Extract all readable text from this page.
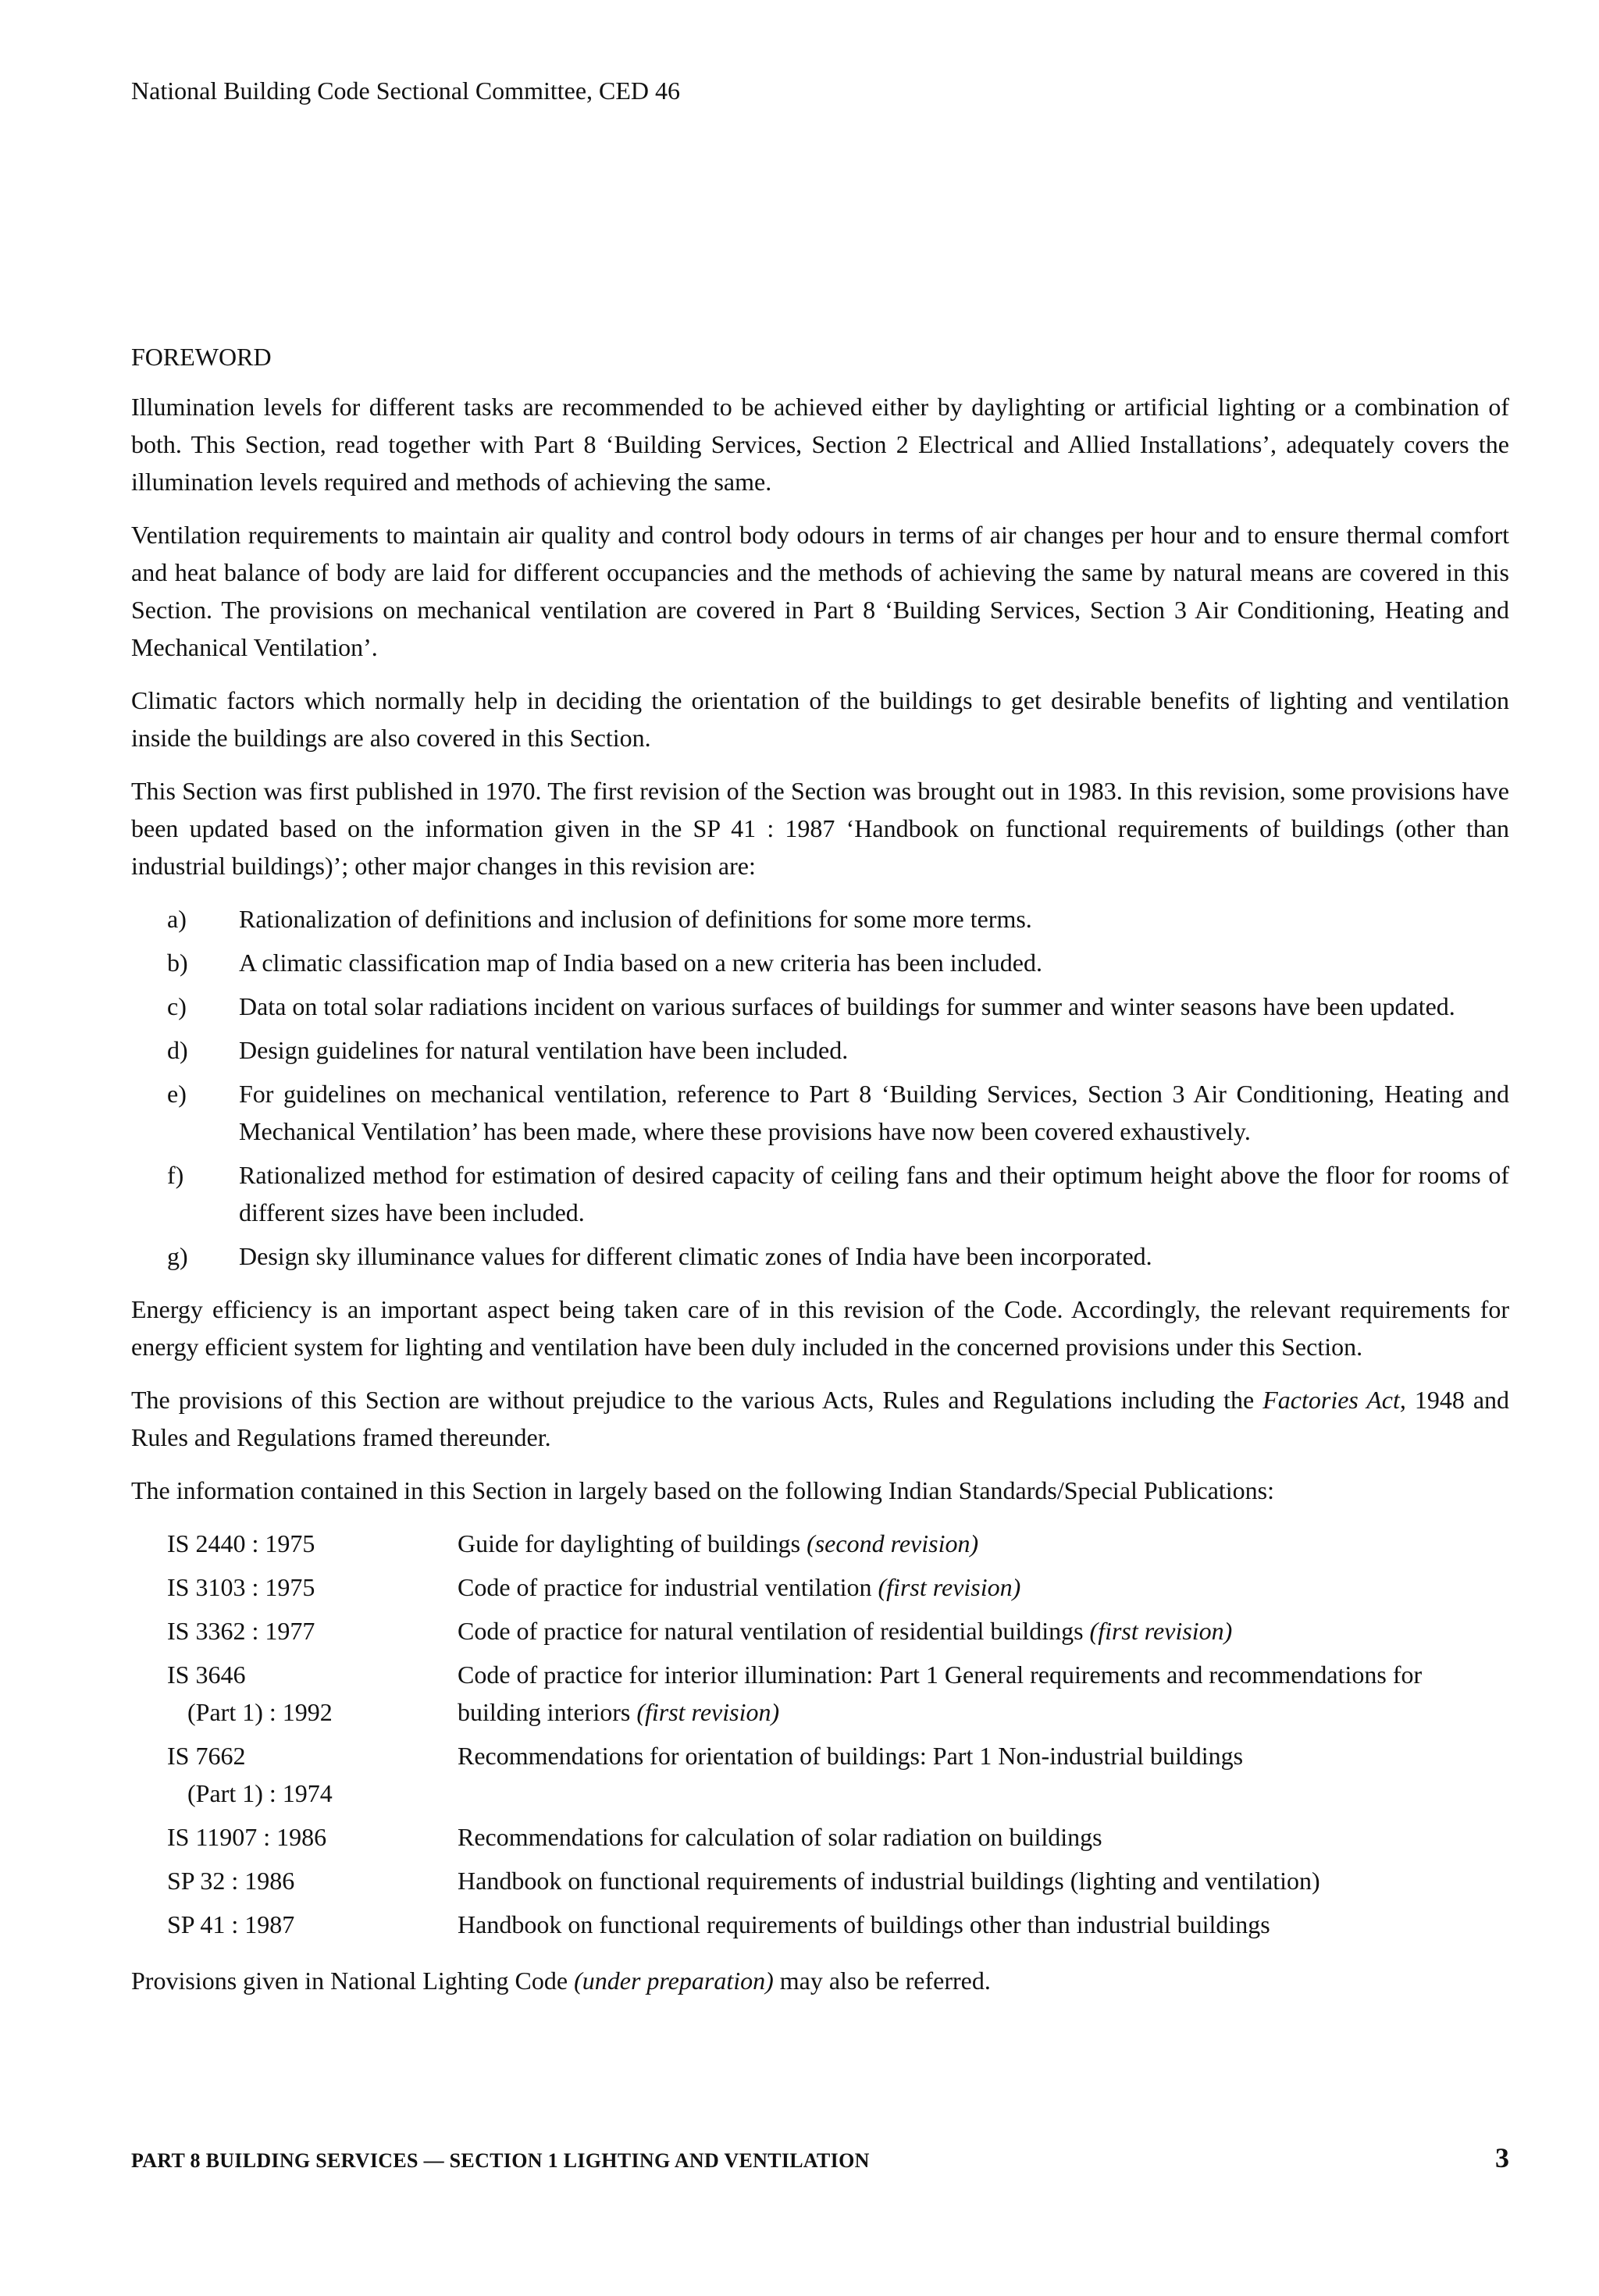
National Building Code Sectional Committee, CED 46
FOREWORD

Illumination levels for different tasks are recommended to be achieved either by daylighting or artificial lighting or a combination of both. This Section, read together with Part 8 ‘Building Services, Section 2 Electrical and Allied Installations’, adequately covers the illumination levels required and methods of achieving the same.

Ventilation requirements to maintain air quality and control body odours in terms of air changes per hour and to ensure thermal comfort and heat balance of body are laid for different occupancies and the methods of achieving the same by natural means are covered in this Section. The provisions on mechanical ventilation are covered in Part 8 ‘Building Services, Section 3 Air Conditioning, Heating and Mechanical Ventilation’.

Climatic factors which normally help in deciding the orientation of the buildings to get desirable benefits of lighting and ventilation inside the buildings are also covered in this Section.

This Section was first published in 1970. The first revision of the Section was brought out in 1983. In this revision, some provisions have been updated based on the information given in the SP 41 : 1987 ‘Handbook on functional requirements of buildings (other than industrial buildings)’; other major changes in this revision are:

a) Rationalization of definitions and inclusion of definitions for some more terms.
b) A climatic classification map of India based on a new criteria has been included.
c) Data on total solar radiations incident on various surfaces of buildings for summer and winter seasons have been updated.
d) Design guidelines for natural ventilation have been included.
e) For guidelines on mechanical ventilation, reference to Part 8 ‘Building Services, Section 3 Air Conditioning, Heating and Mechanical Ventilation’ has been made, where these provisions have now been covered exhaustively.
f) Rationalized method for estimation of desired capacity of ceiling fans and their optimum height above the floor for rooms of different sizes have been included.
g) Design sky illuminance values for different climatic zones of India have been incorporated.

Energy efficiency is an important aspect being taken care of in this revision of the Code. Accordingly, the relevant requirements for energy efficient system for lighting and ventilation have been duly included in the concerned provisions under this Section.

The provisions of this Section are without prejudice to the various Acts, Rules and Regulations including the Factories Act, 1948 and Rules and Regulations framed thereunder.

The information contained in this Section in largely based on the following Indian Standards/Special Publications:

IS 2440 : 1975	Guide for daylighting of buildings (second revision)

IS 3103 : 1975	Code of practice for industrial ventilation (first revision)

IS 3362 : 1977	Code of practice for natural ventilation of residential buildings (first revision)

IS 3646
(Part 1) : 1992	Code of practice for interior illumination: Part 1 General requirements and recommendations for building interiors (first revision)

IS 7662
(Part 1) : 1974	Recommendations for orientation of buildings: Part 1 Non-industrial buildings

IS 11907 : 1986	Recommendations for calculation of solar radiation on buildings

SP 32 : 1986	Handbook on functional requirements of industrial buildings (lighting and ventilation)

SP 41 : 1987	Handbook on functional requirements of buildings other than industrial buildings

Provisions given in National Lighting Code (under preparation) may also be referred.

PART 8 BUILDING SERVICES — SECTION 1 LIGHTING AND VENTILATION	3
